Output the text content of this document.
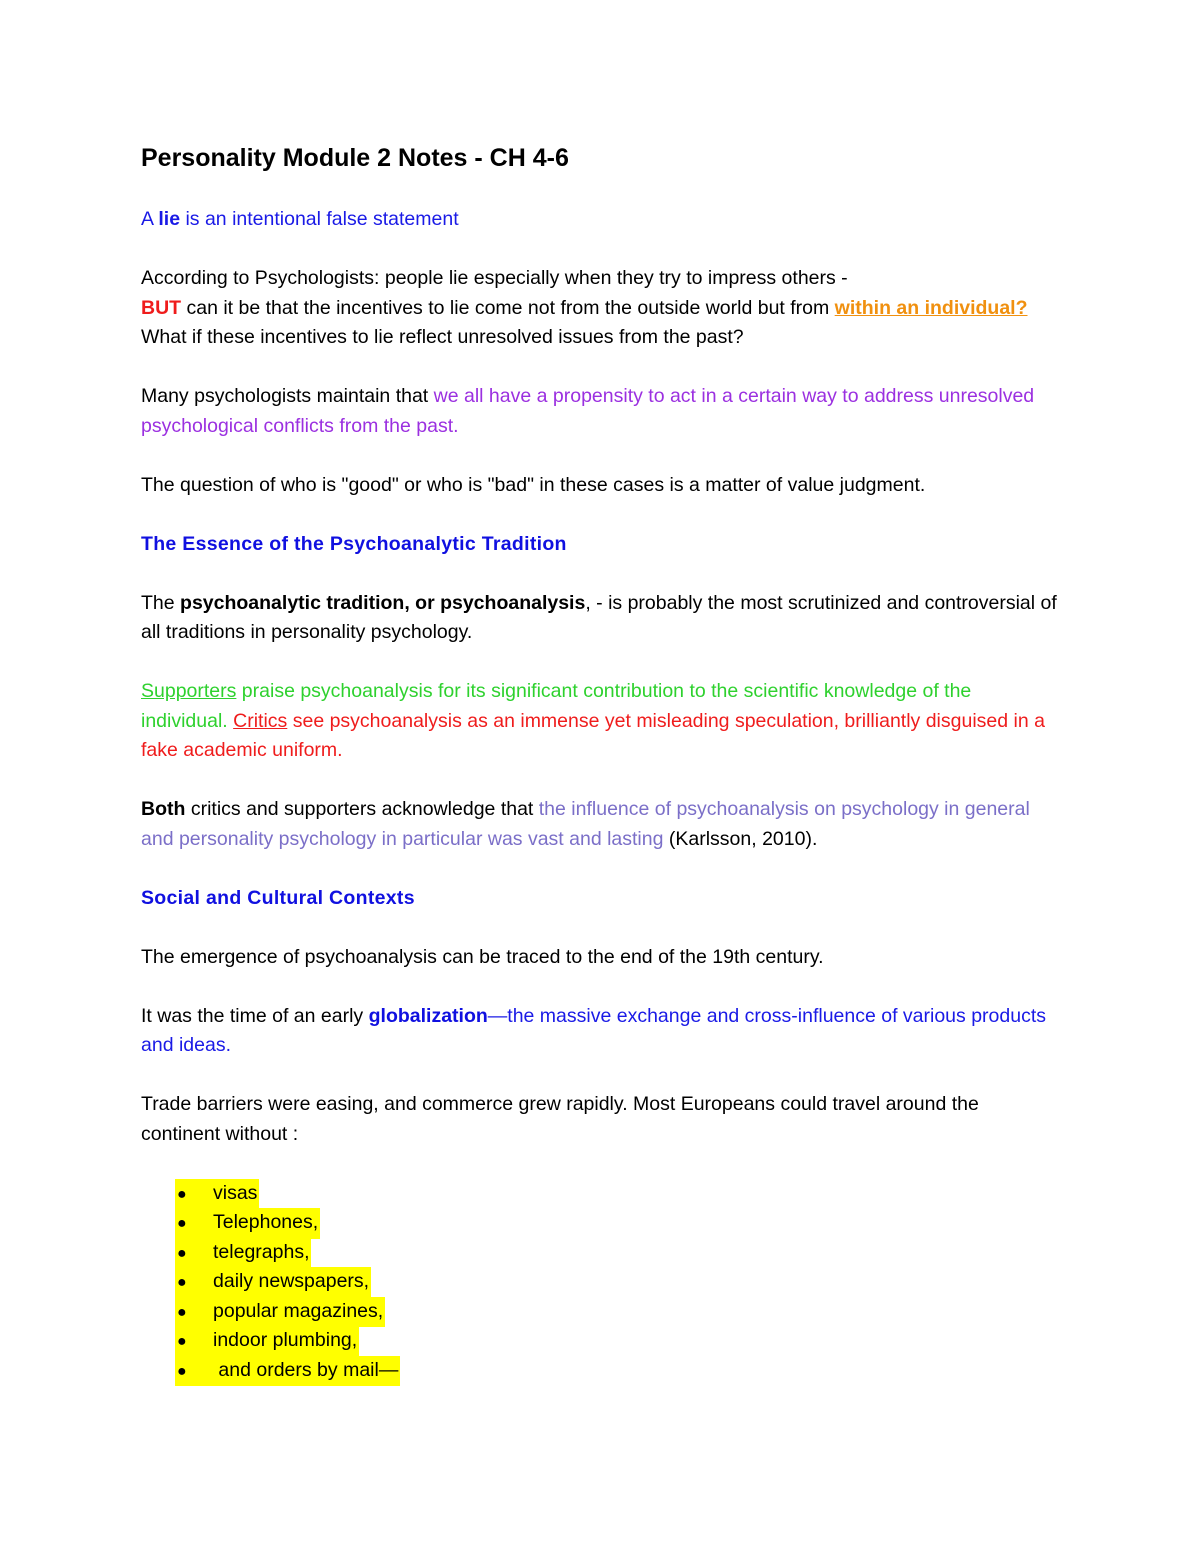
Personality Module 2 Notes - CH 4-6

A lie is an intentional false statement

According to Psychologists: people lie especially when they try to impress others -
BUT can it be that the incentives to lie come not from the outside world but from within an individual? What if these incentives to lie reflect unresolved issues from the past?

Many psychologists maintain that we all have a propensity to act in a certain way to address unresolved psychological conflicts from the past.

The question of who is "good" or who is "bad" in these cases is a matter of value judgment.

The Essence of the Psychoanalytic Tradition

The psychoanalytic tradition, or psychoanalysis, - is probably the most scrutinized and controversial of all traditions in personality psychology.

Supporters praise psychoanalysis for its significant contribution to the scientific knowledge of the individual. Critics see psychoanalysis as an immense yet misleading speculation, brilliantly disguised in a fake academic uniform.

Both critics and supporters acknowledge that the influence of psychoanalysis on psychology in general and personality psychology in particular was vast and lasting (Karlsson, 2010).

Social and Cultural Contexts

The emergence of psychoanalysis can be traced to the end of the 19th century.

It was the time of an early globalization—the massive exchange and cross-influence of various products and ideas.

Trade barriers were easing, and commerce grew rapidly. Most Europeans could travel around the continent without :

● visas
● Telephones,
● telegraphs,
● daily newspapers,
● popular magazines,
● indoor plumbing,
● and orders by mail—
